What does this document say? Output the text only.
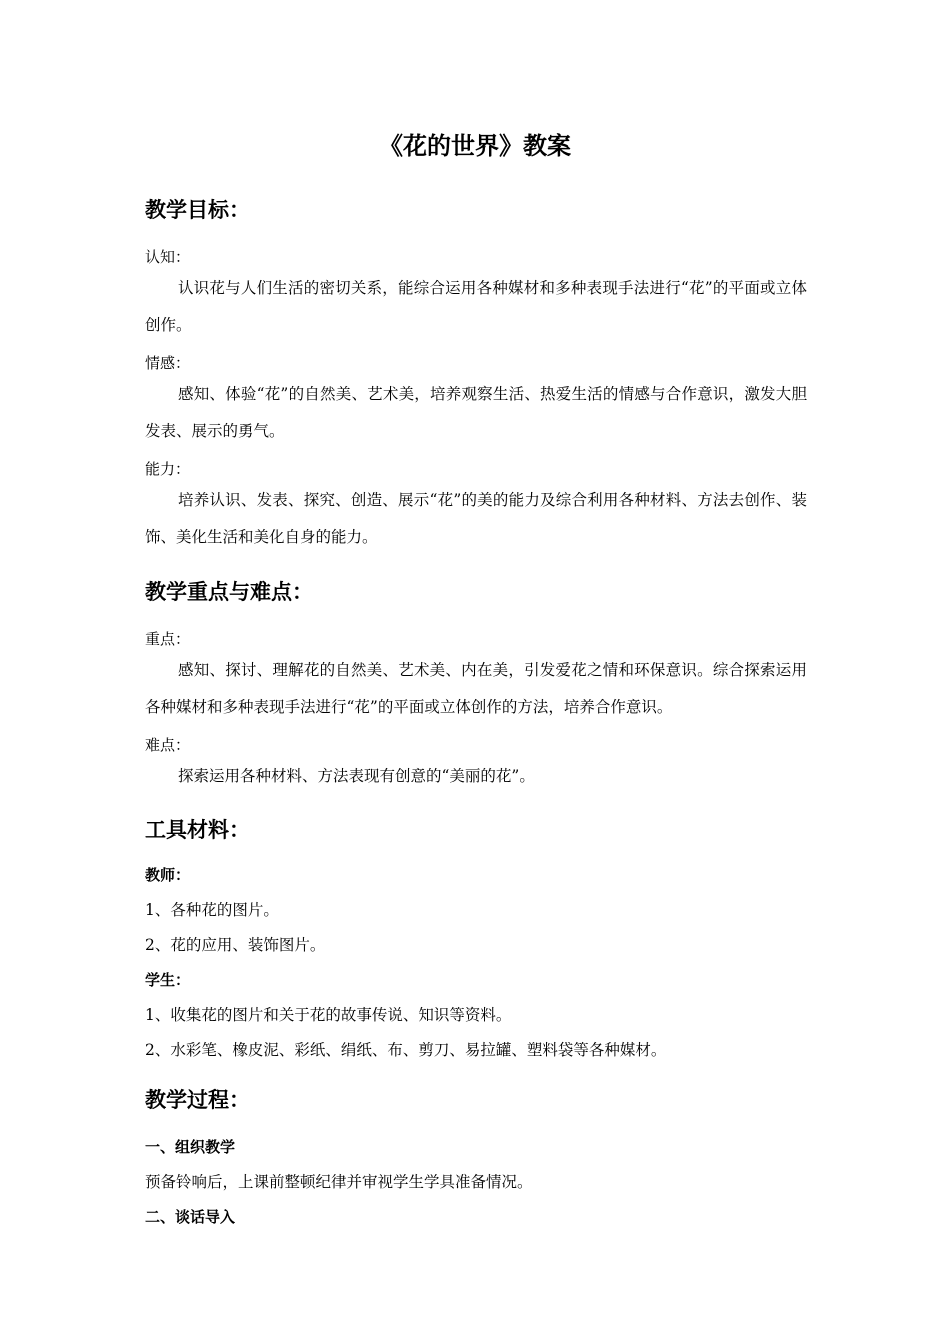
《花的世界》教案
教学目标：
认知：
认识花与人们生活的密切关系，能综合运用各种媒材和多种表现手法进行“花”的平面或立体创作。
情感：
感知、体验“花”的自然美、艺术美，培养观察生活、热爱生活的情感与合作意识，激发大胆发表、展示的勇气。
能力：
培养认识、发表、探究、创造、展示“花”的美的能力及综合利用各种材料、方法去创作、装饰、美化生活和美化自身的能力。
教学重点与难点：
重点：
感知、探讨、理解花的自然美、艺术美、内在美，引发爱花之情和环保意识。综合探索运用各种媒材和多种表现手法进行“花”的平面或立体创作的方法，培养合作意识。
难点：
探索运用各种材料、方法表现有创意的“美丽的花”。
工具材料：
教师：
1、各种花的图片。
2、花的应用、装饰图片。
学生：
1、收集花的图片和关于花的故事传说、知识等资料。
2、水彩笔、橡皮泥、彩纸、绢纸、布、剪刀、易拉罐、塑料袋等各种媒材。
教学过程：
一、组织教学
预备铃响后，上课前整顿纪律并审视学生学具准备情况。
二、谈话导入
